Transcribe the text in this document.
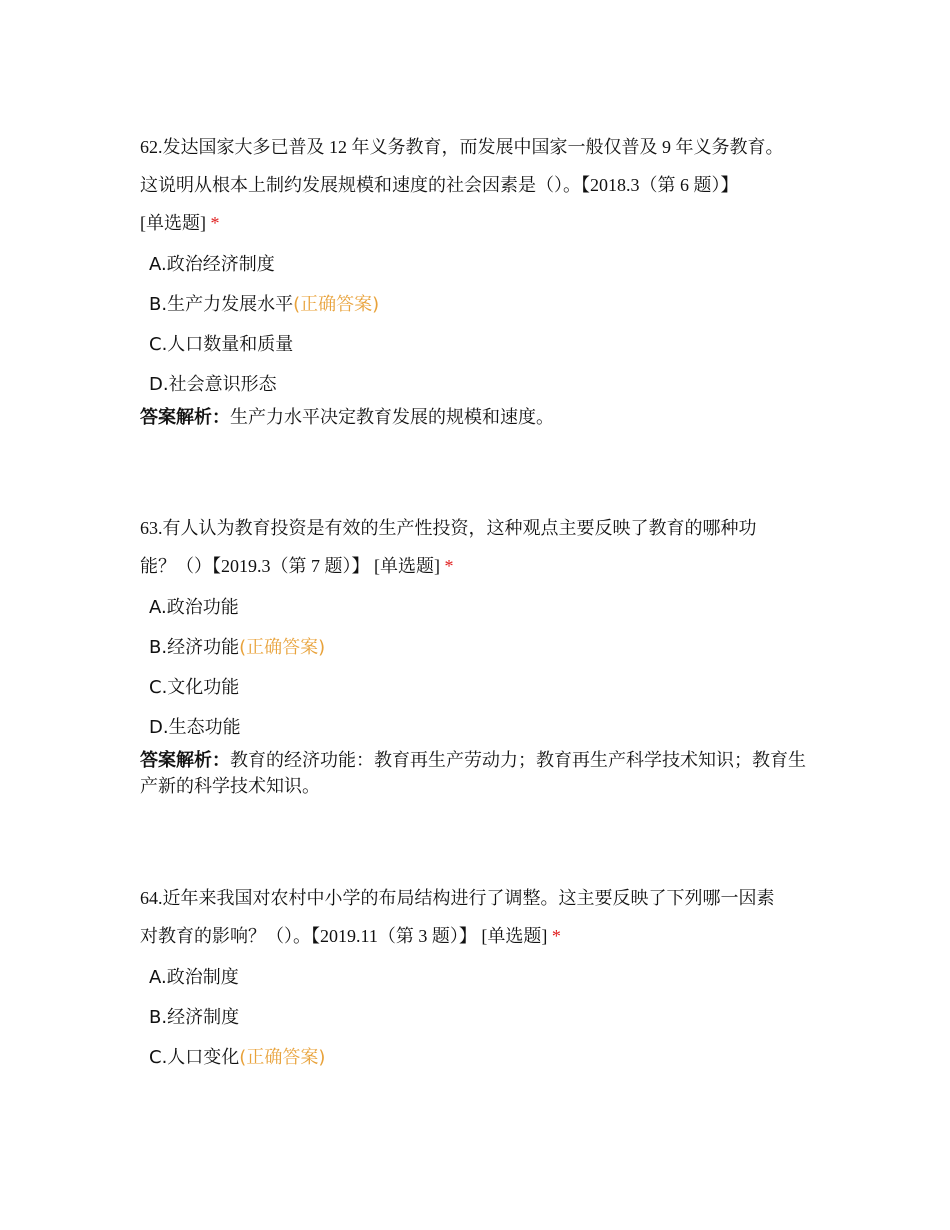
62.发达国家大多已普及 12 年义务教育，而发展中国家一般仅普及 9 年义务教育。
这说明从根本上制约发展规模和速度的社会因素是（）。【2018.3（第 6 题）】
[单选题] *
A.政治经济制度
B.生产力发展水平(正确答案)
C.人口数量和质量
D.社会意识形态
答案解析：生产力水平决定教育发展的规模和速度。
63.有人认为教育投资是有效的生产性投资，这种观点主要反映了教育的哪种功
能？（）【2019.3（第 7 题）】 [单选题] *
A.政治功能
B.经济功能(正确答案)
C.文化功能
D.生态功能
答案解析：教育的经济功能：教育再生产劳动力；教育再生产科学技术知识；教育生产新的科学技术知识。
64.近年来我国对农村中小学的布局结构进行了调整。这主要反映了下列哪一因素
对教育的影响？（）。【2019.11（第 3 题）】 [单选题] *
A.政治制度
B.经济制度
C.人口变化(正确答案)
